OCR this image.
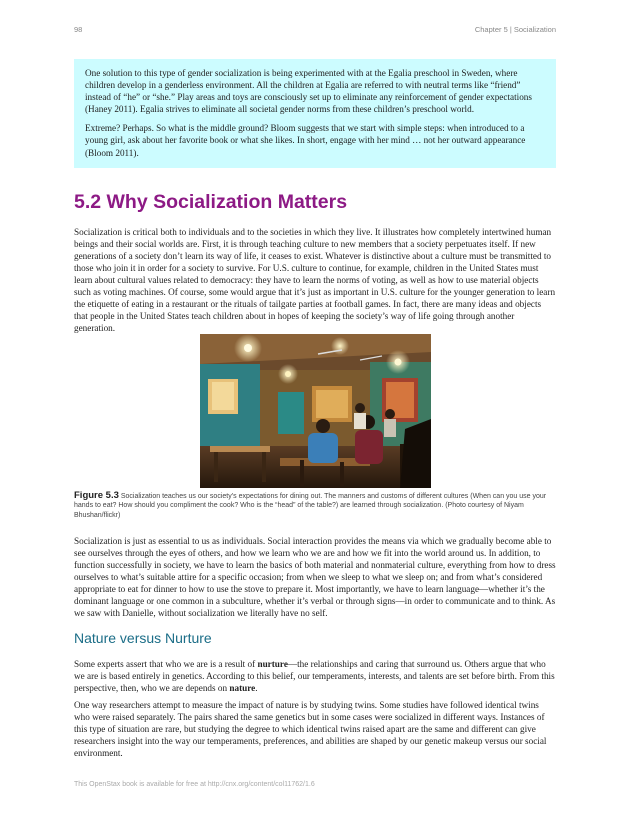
98	Chapter 5 | Socialization

One solution to this type of gender socialization is being experimented with at the Egalia preschool in Sweden, where children develop in a genderless environment. All the children at Egalia are referred to with neutral terms like “friend” instead of “he” or “she.” Play areas and toys are consciously set up to eliminate any reinforcement of gender expectations (Haney 2011). Egalia strives to eliminate all societal gender norms from these children’s preschool world.

Extreme? Perhaps. So what is the middle ground? Bloom suggests that we start with simple steps: when introduced to a young girl, ask about her favorite book or what she likes. In short, engage with her mind … not her outward appearance (Bloom 2011).

5.2 Why Socialization Matters

Socialization is critical both to individuals and to the societies in which they live. It illustrates how completely intertwined human beings and their social worlds are. First, it is through teaching culture to new members that a society perpetuates itself. If new generations of a society don’t learn its way of life, it ceases to exist. Whatever is distinctive about a culture must be transmitted to those who join it in order for a society to survive. For U.S. culture to continue, for example, children in the United States must learn about cultural values related to democracy: they have to learn the norms of voting, as well as how to use material objects such as voting machines. Of course, some would argue that it’s just as important in U.S. culture for the younger generation to learn the etiquette of eating in a restaurant or the rituals of tailgate parties at football games. In fact, there are many ideas and objects that people in the United States teach children about in hopes of keeping the society’s way of life going through another generation.

Figure 5.3 Socialization teaches us our society’s expectations for dining out. The manners and customs of different cultures (When can you use your hands to eat? How should you compliment the cook? Who is the “head” of the table?) are learned through socialization. (Photo courtesy of Niyam Bhushan/flickr)

Socialization is just as essential to us as individuals. Social interaction provides the means via which we gradually become able to see ourselves through the eyes of others, and how we learn who we are and how we fit into the world around us. In addition, to function successfully in society, we have to learn the basics of both material and nonmaterial culture, everything from how to dress ourselves to what’s suitable attire for a specific occasion; from when we sleep to what we sleep on; and from what’s considered appropriate to eat for dinner to how to use the stove to prepare it. Most importantly, we have to learn language—whether it’s the dominant language or one common in a subculture, whether it’s verbal or through signs—in order to communicate and to think. As we saw with Danielle, without socialization we literally have no self.

Nature versus Nurture

Some experts assert that who we are is a result of nurture—the relationships and caring that surround us. Others argue that who we are is based entirely in genetics. According to this belief, our temperaments, interests, and talents are set before birth. From this perspective, then, who we are depends on nature.

One way researchers attempt to measure the impact of nature is by studying twins. Some studies have followed identical twins who were raised separately. The pairs shared the same genetics but in some cases were socialized in different ways. Instances of this type of situation are rare, but studying the degree to which identical twins raised apart are the same and different can give researchers insight into the way our temperaments, preferences, and abilities are shaped by our genetic makeup versus our social environment.

This OpenStax book is available for free at http://cnx.org/content/col11762/1.6
